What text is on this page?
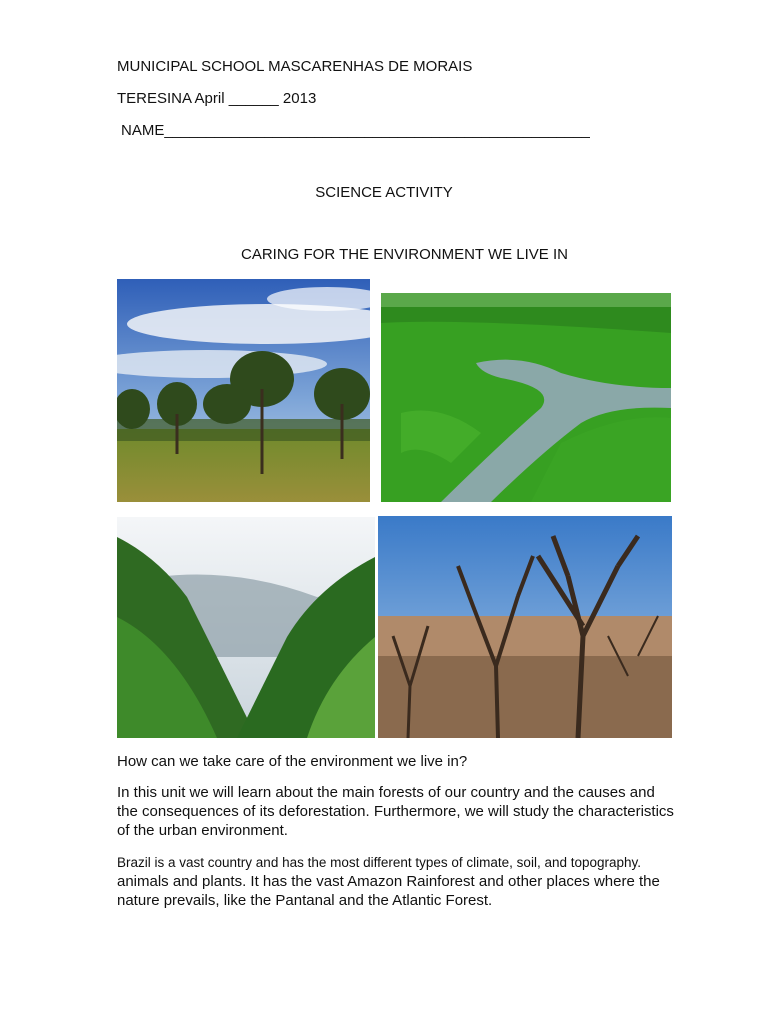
MUNICIPAL SCHOOL MASCARENHAS DE MORAIS
TERESINA April ______ 2013
NAME___________________________________________________
SCIENCE ACTIVITY
CARING FOR THE ENVIRONMENT WE LIVE IN
How can we take care of the environment we live in?
In this unit we will learn about the main forests of our country and the causes and the consequences of its deforestation. Furthermore, we will study the characteristics of the urban environment.
Brazil is a vast country and has the most different types of climate, soil, and topography.
animals and plants. It has the vast Amazon Rainforest and other places where the nature prevails, like the Pantanal and the Atlantic Forest.
